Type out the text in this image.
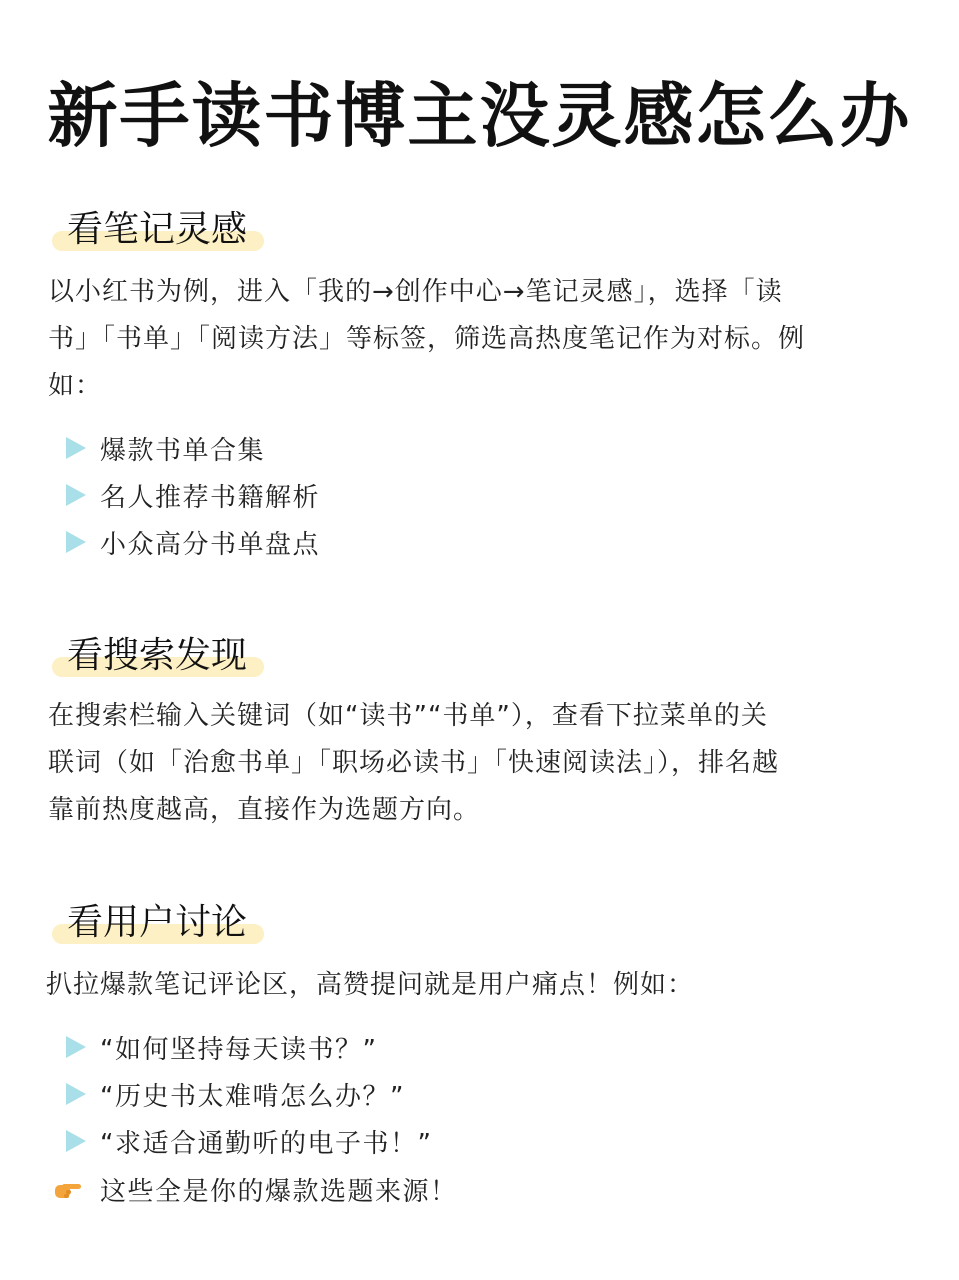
新手读书博主没灵感怎么办
看笔记灵感
以小红书为例，进入「我的→创作中心→笔记灵感」，选择「读
书」「书单」「阅读方法」等标签，筛选高热度笔记作为对标。例
如：
爆款书单合集
名人推荐书籍解析
小众高分书单盘点
看搜索发现
在搜索栏输入关键词（如“读书”“书单”），查看下拉菜单的关
联词（如「治愈书单」「职场必读书」「快速阅读法」），排名越
靠前热度越高，直接作为选题方向。
看用户讨论
扒拉爆款笔记评论区，高赞提问就是用户痛点！例如：
“如何坚持每天读书？”
“历史书太难啃怎么办？”
“求适合通勤听的电子书！”
这些全是你的爆款选题来源！
